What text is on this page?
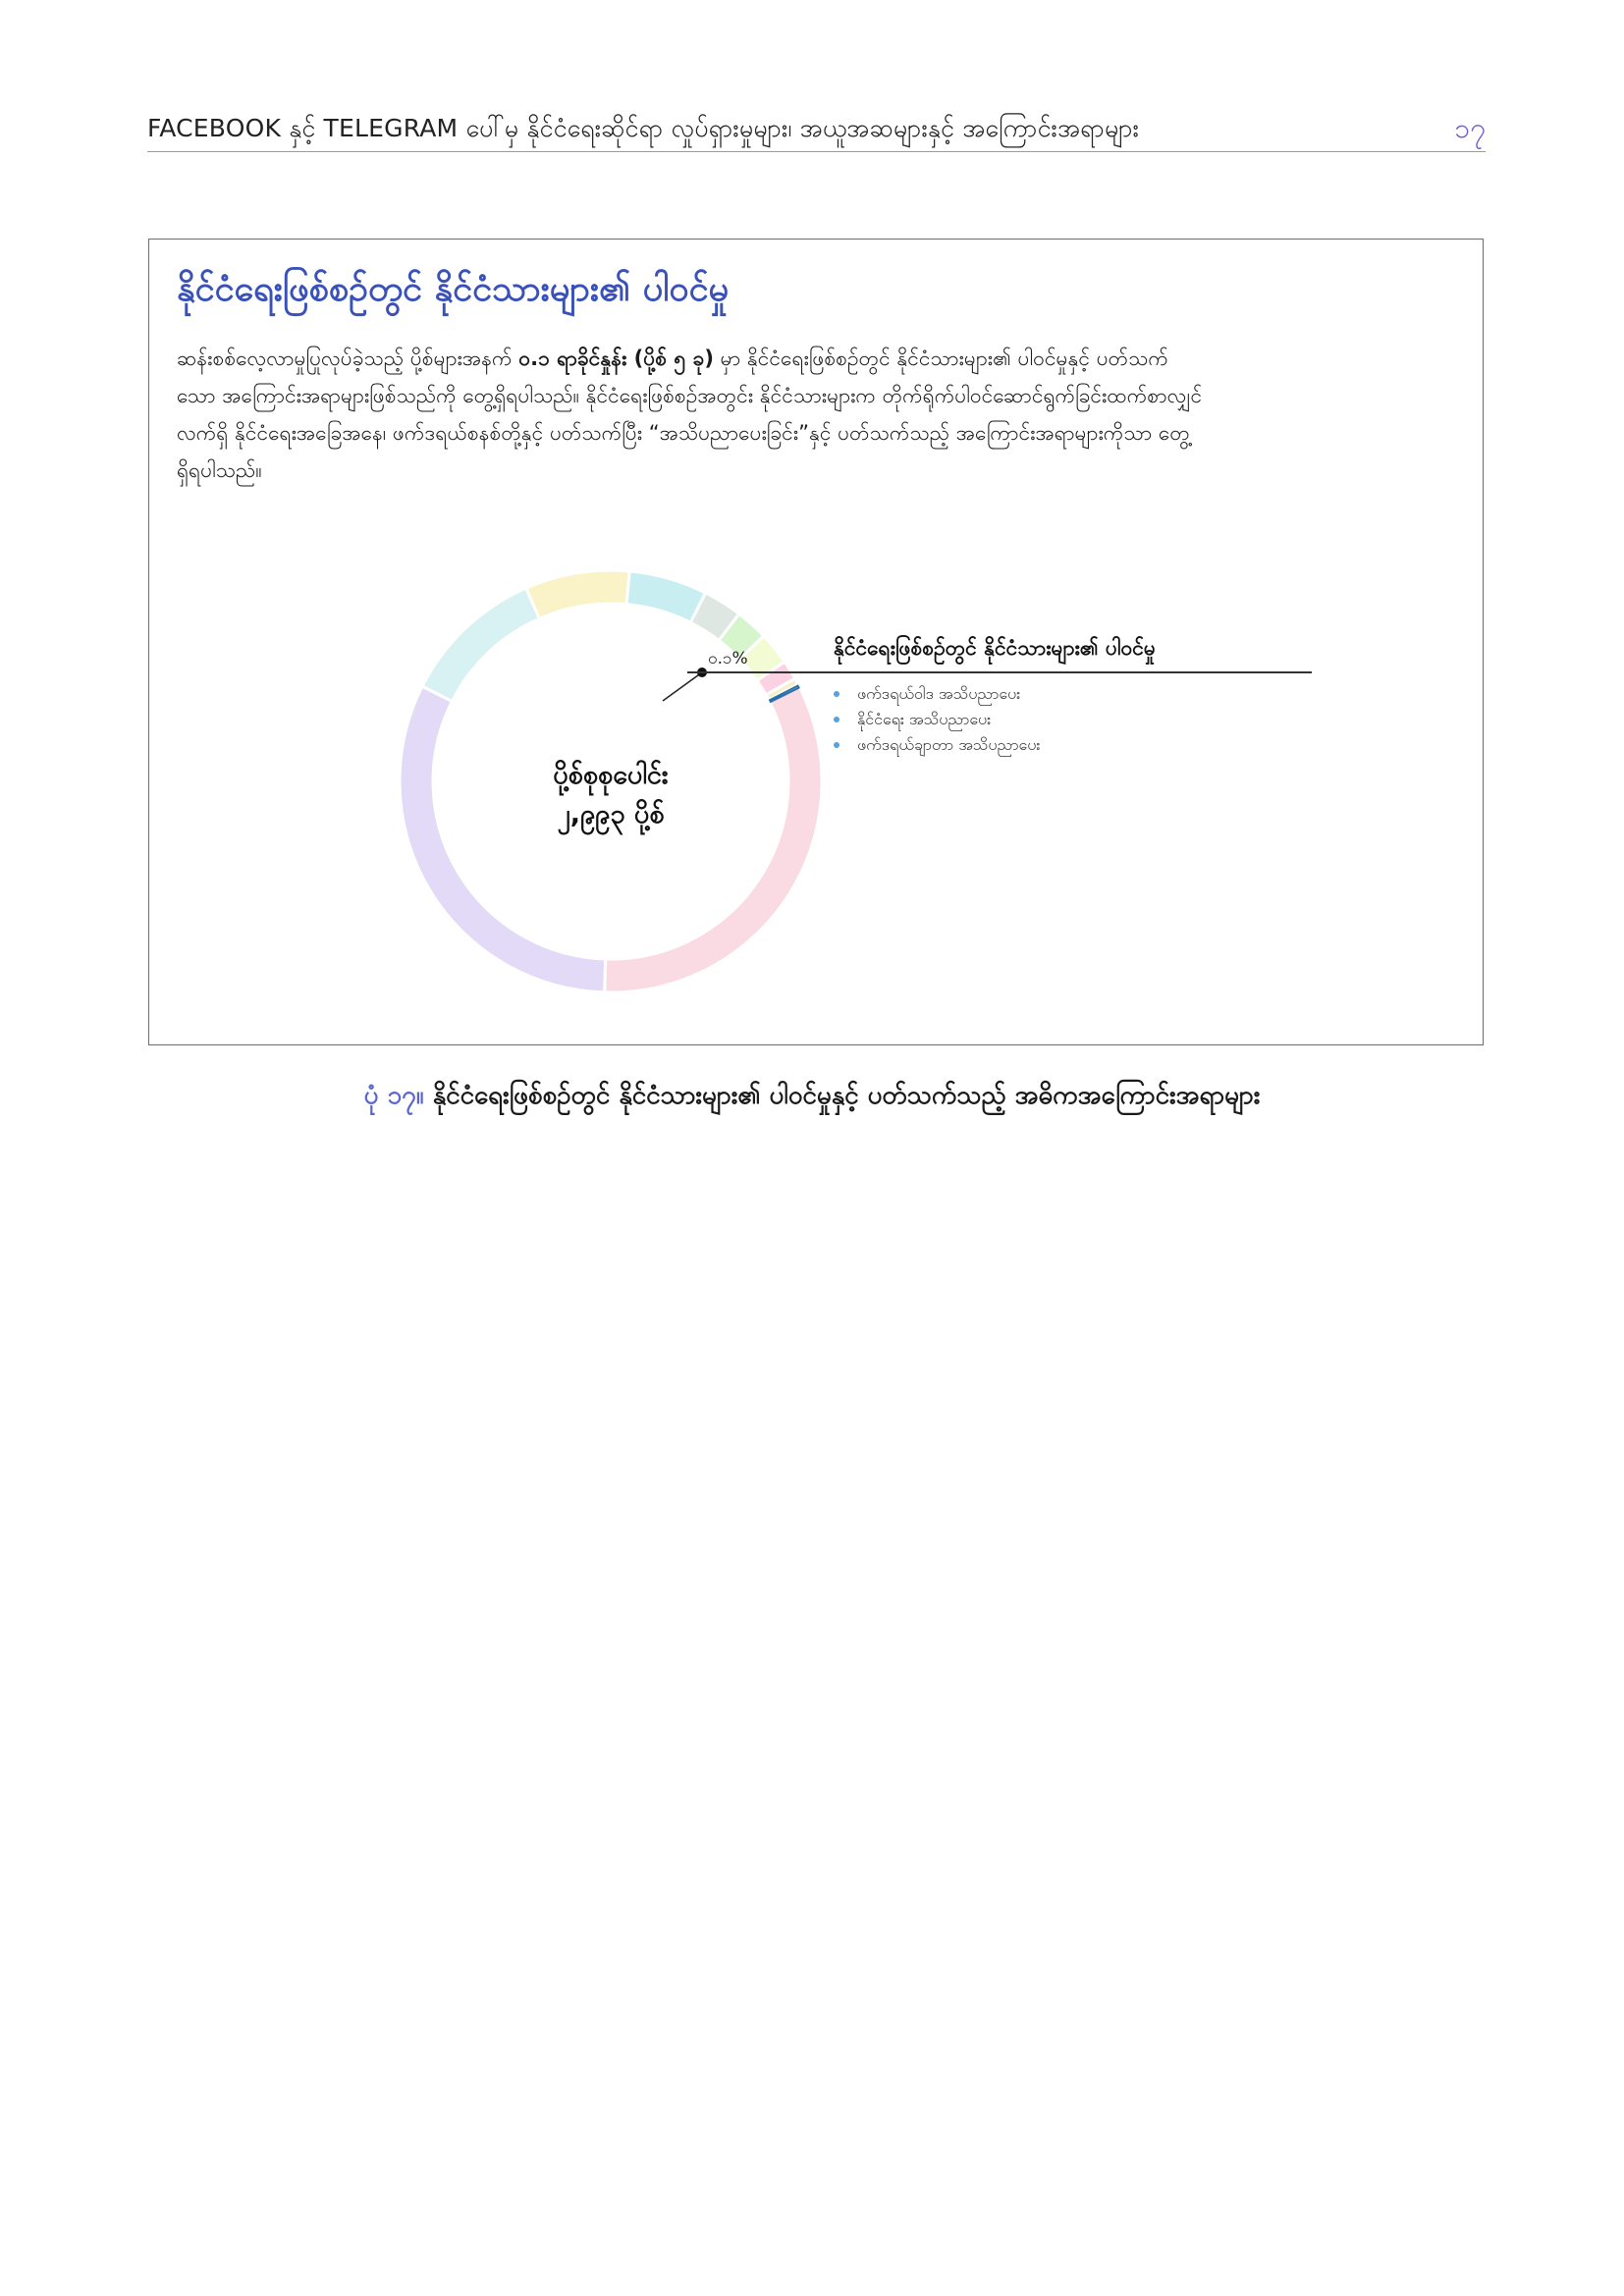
FACEBOOK နှင့် TELEGRAM ပေါ်မှ နိုင်ငံရေးဆိုင်ရာ လှုပ်ရှားမှုများ၊ အယူအဆများနှင့် အကြောင်းအရာများ	၁၇
နိုင်ငံရေးဖြစ်စဉ်တွင် နိုင်ငံသားများ၏ ပါဝင်မှု
ဆန်းစစ်လေ့လာမှုပြုလုပ်ခဲ့သည့် ပို့စ်များအနက် ၀.၁ ရာခိုင်နှုန်း (ပို့စ် ၅ ခု) မှာ နိုင်ငံရေးဖြစ်စဉ်တွင် နိုင်ငံသားများ၏ ပါဝင်မှုနှင့် ပတ်သက်
သော အကြောင်းအရာများဖြစ်သည်ကို တွေ့ရှိရပါသည်။ နိုင်ငံရေးဖြစ်စဉ်အတွင်း နိုင်ငံသားများက တိုက်ရိုက်ပါဝင်ဆောင်ရွက်ခြင်းထက်စာလျှင်
လက်ရှိ နိုင်ငံရေးအခြေအနေ၊ ဖက်ဒရယ်စနစ်တို့နှင့် ပတ်သက်ပြီး “အသိပညာပေးခြင်း”နှင့် ပတ်သက်သည့် အကြောင်းအရာများကိုသာ တွေ့
ရှိရပါသည်။
ပို့စ်စုစုပေါင်း
၂,၉၉၃ ပို့စ်
၀.၁%	နိုင်ငံရေးဖြစ်စဉ်တွင် နိုင်ငံသားများ၏ ပါဝင်မှု
ဖက်ဒရယ်ဝါဒ အသိပညာပေး
နိုင်ငံရေး အသိပညာပေး
ဖက်ဒရယ်ချာတာ အသိပညာပေး
ပုံ ၁၇။ နိုင်ငံရေးဖြစ်စဉ်တွင် နိုင်ငံသားများ၏ ပါဝင်မှုနှင့် ပတ်သက်သည့် အဓိကအကြောင်းအရာများ
